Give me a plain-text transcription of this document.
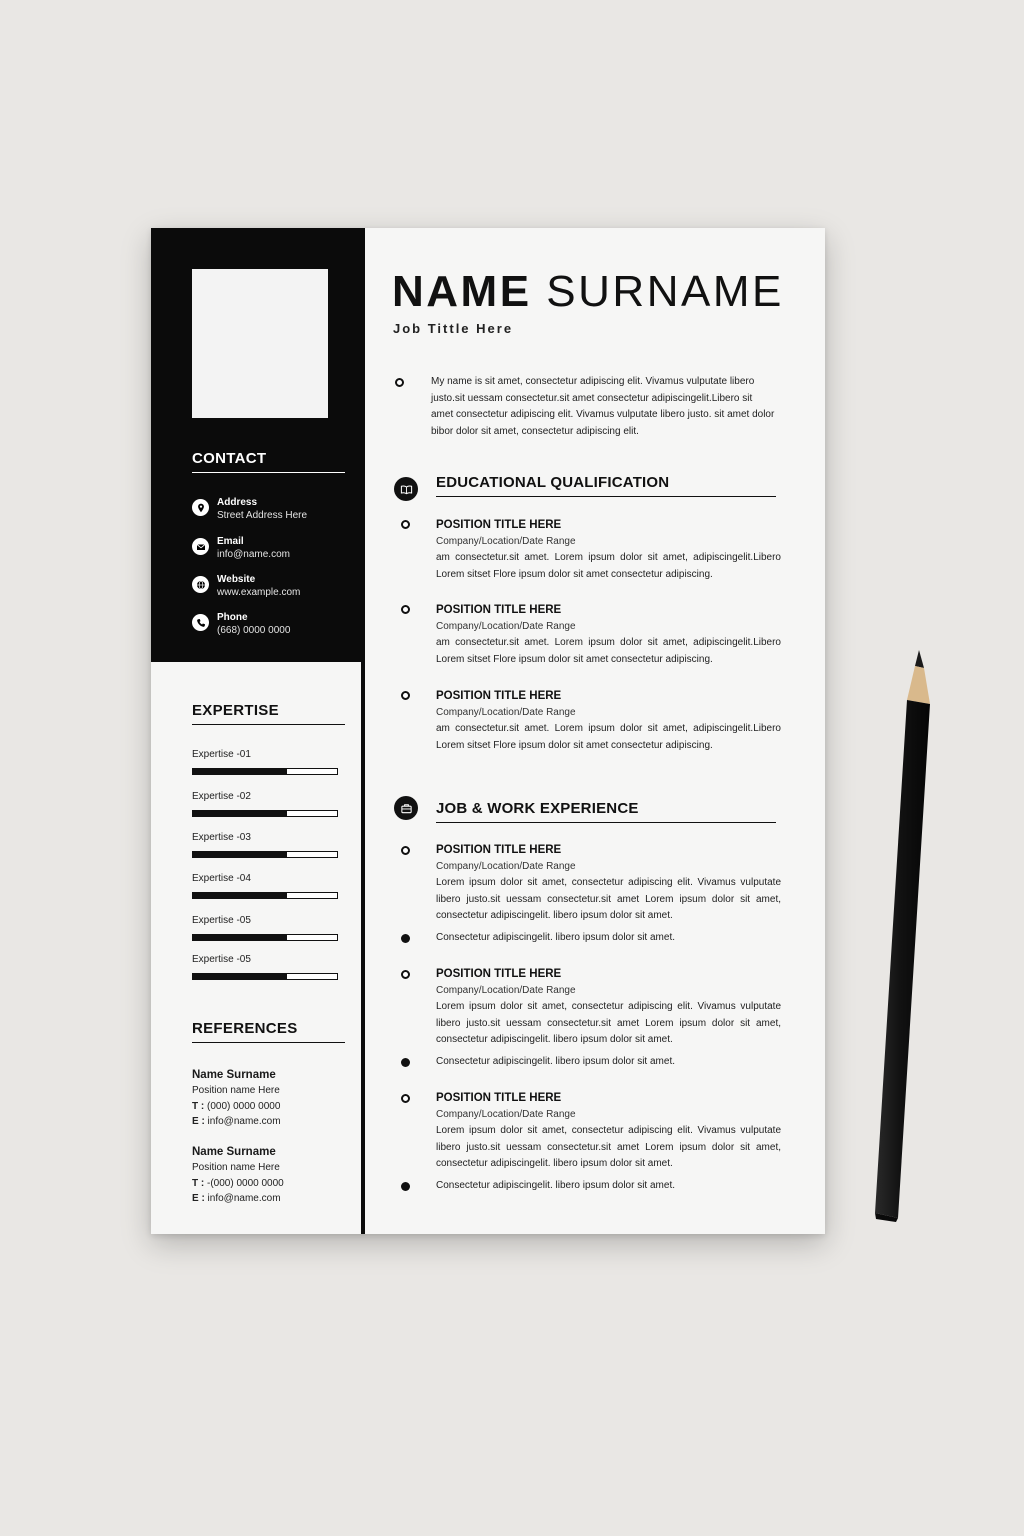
CONTACT
Address
Street Address Here
Email
info@name.com
Website
www.example.com
Phone
(668) 0000 0000
EXPERTISE
Expertise -01
Expertise -02
Expertise -03
Expertise -04
Expertise -05
Expertise -05
REFERENCES
Name Surname
Position name Here
T : (000) 0000 0000
E : info@name.com
Name Surname
Position name Here
T : -(000) 0000 0000
E : info@name.com
NAME SURNAME
Job Tittle Here
My name is sit amet, consectetur adipiscing elit. Vivamus vulputate libero justo.sit uessam consectetur.sit amet consectetur adipiscingelit.Libero sit amet consectetur adipiscing elit. Vivamus vulputate libero justo. sit amet dolor bibor dolor sit amet, consectetur adipiscing elit.
EDUCATIONAL QUALIFICATION
POSITION TITLE HERE
Company/Location/Date Range
am consectetur.sit amet. Lorem ipsum dolor sit amet, adipiscingelit.Libero Lorem sitset Flore ipsum dolor sit amet consectetur adipiscing.
POSITION TITLE HERE
Company/Location/Date Range
am consectetur.sit amet. Lorem ipsum dolor sit amet, adipiscingelit.Libero Lorem sitset Flore ipsum dolor sit amet consectetur adipiscing.
POSITION TITLE HERE
Company/Location/Date Range
am consectetur.sit amet. Lorem ipsum dolor sit amet, adipiscingelit.Libero Lorem sitset Flore ipsum dolor sit amet consectetur adipiscing.
JOB & WORK EXPERIENCE
POSITION TITLE HERE
Company/Location/Date Range
Lorem ipsum dolor sit amet, consectetur adipiscing elit. Vivamus vulputate libero justo.sit uessam consectetur.sit amet Lorem ipsum dolor sit amet, consectetur adipiscingelit. libero ipsum dolor sit amet.
Consectetur adipiscingelit. libero ipsum dolor sit amet.
POSITION TITLE HERE
Company/Location/Date Range
Lorem ipsum dolor sit amet, consectetur adipiscing elit. Vivamus vulputate libero justo.sit uessam consectetur.sit amet Lorem ipsum dolor sit amet, consectetur adipiscingelit. libero ipsum dolor sit amet.
Consectetur adipiscingelit. libero ipsum dolor sit amet.
POSITION TITLE HERE
Company/Location/Date Range
Lorem ipsum dolor sit amet, consectetur adipiscing elit. Vivamus vulputate libero justo.sit uessam consectetur.sit amet Lorem ipsum dolor sit amet, consectetur adipiscingelit. libero ipsum dolor sit amet.
Consectetur adipiscingelit. libero ipsum dolor sit amet.
